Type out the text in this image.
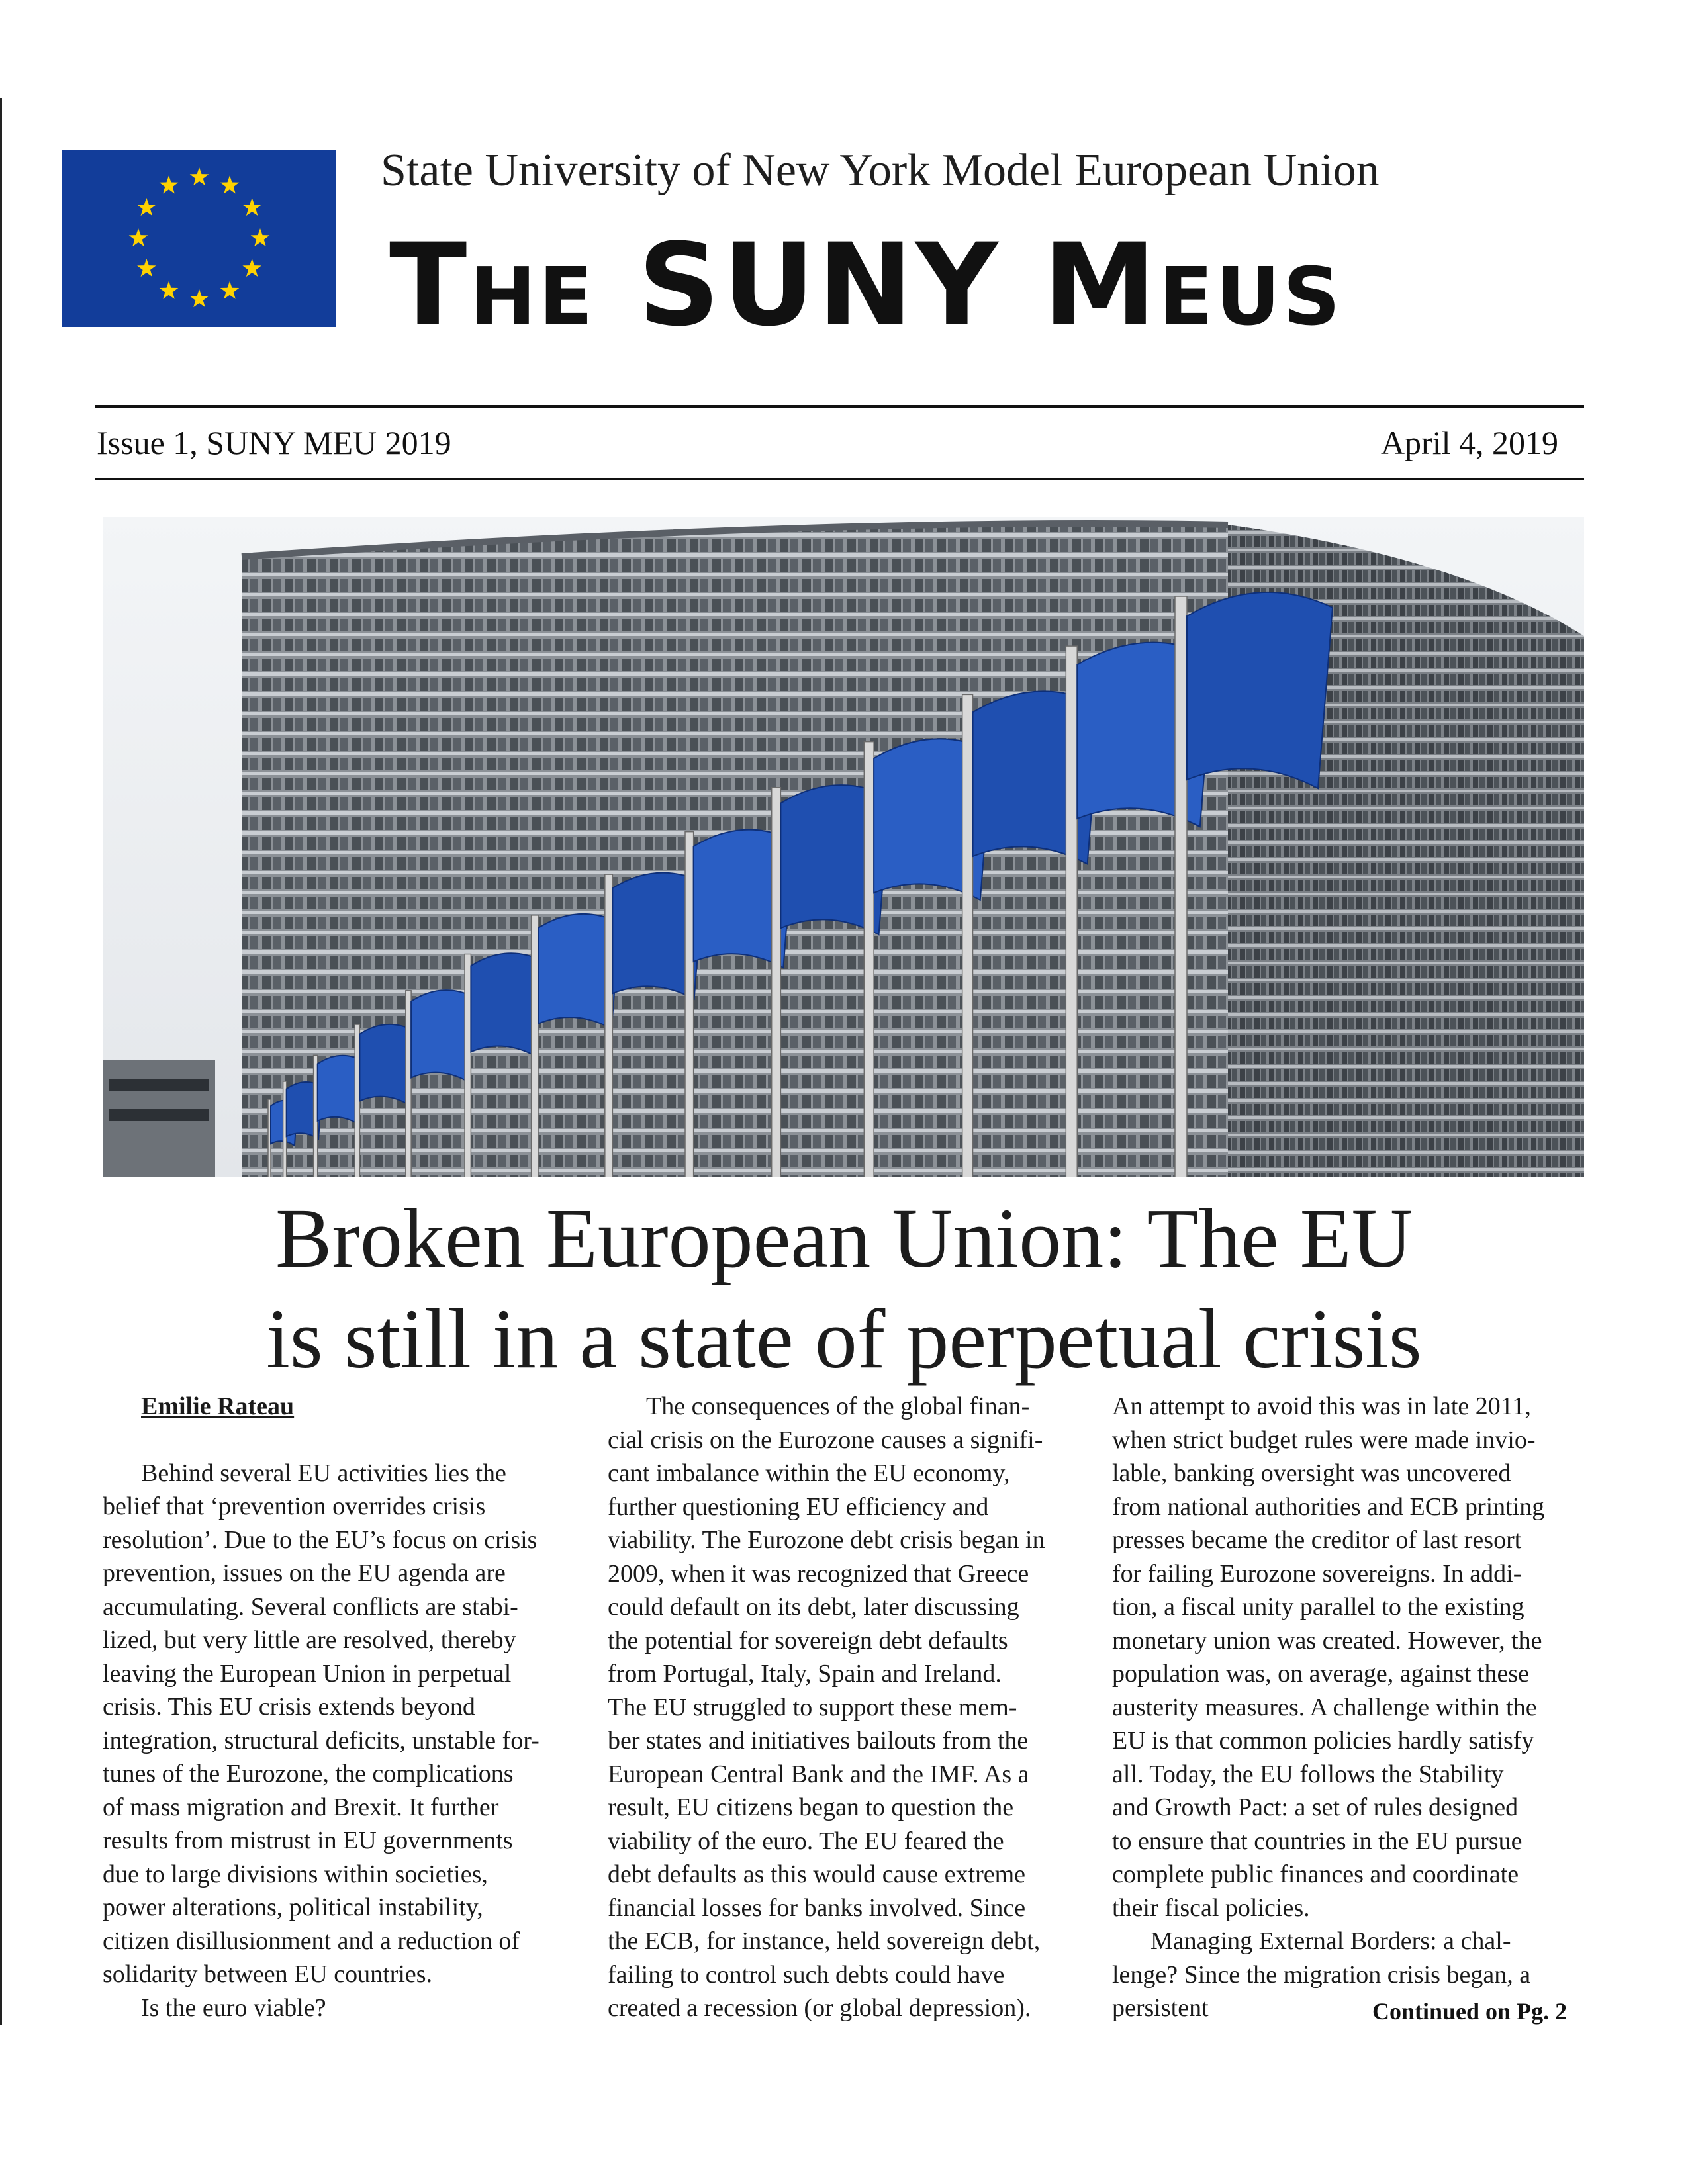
State University of New York Model European Union
The SUNY Meus
Issue 1, SUNY MEU 2019	April 4, 2019
Broken European Union: The EU
is still in a state of perpetual crisis

Emilie Rateau

Behind several EU activities lies the

belief that ‘prevention overrides crisis

resolution’. Due to the EU’s focus on crisis

prevention, issues on the EU agenda are

accumulating. Several conflicts are stabi-

lized, but very little are resolved, thereby

leaving the European Union in perpetual

crisis. This EU crisis extends beyond

integration, structural deficits, unstable for-

tunes of the Eurozone, the complications

of mass migration and Brexit. It further

results from mistrust in EU governments

due to large divisions within societies,

power alterations, political instability,

citizen disillusionment and a reduction of

solidarity between EU countries.

Is the euro viable?

The consequences of the global finan-

cial crisis on the Eurozone causes a signifi-

cant imbalance within the EU economy,

further questioning EU efficiency and

viability. The Eurozone debt crisis began in

2009, when it was recognized that Greece

could default on its debt, later discussing

the potential for sovereign debt defaults

from Portugal, Italy, Spain and Ireland.

The EU struggled to support these mem-

ber states and initiatives bailouts from the

European Central Bank and the IMF. As a

result, EU citizens began to question the

viability of the euro. The EU feared the

debt defaults as this would cause extreme

financial losses for banks involved. Since

the ECB, for instance, held sovereign debt,

failing to control such debts could have

created a recession (or global depression).

An attempt to avoid this was in late 2011,

when strict budget rules were made invio-

lable, banking oversight was uncovered

from national authorities and ECB printing

presses became the creditor of last resort

for failing Eurozone sovereigns. In addi-

tion, a fiscal unity parallel to the existing

monetary union was created. However, the

population was, on average, against these

austerity measures. A challenge within the

EU is that common policies hardly satisfy

all. Today, the EU follows the Stability

and Growth Pact: a set of rules designed

to ensure that countries in the EU pursue

complete public finances and coordinate

their fiscal policies.

Managing External Borders: a chal-

lenge? Since the migration crisis began, a

persistent	Continued on Pg. 2
